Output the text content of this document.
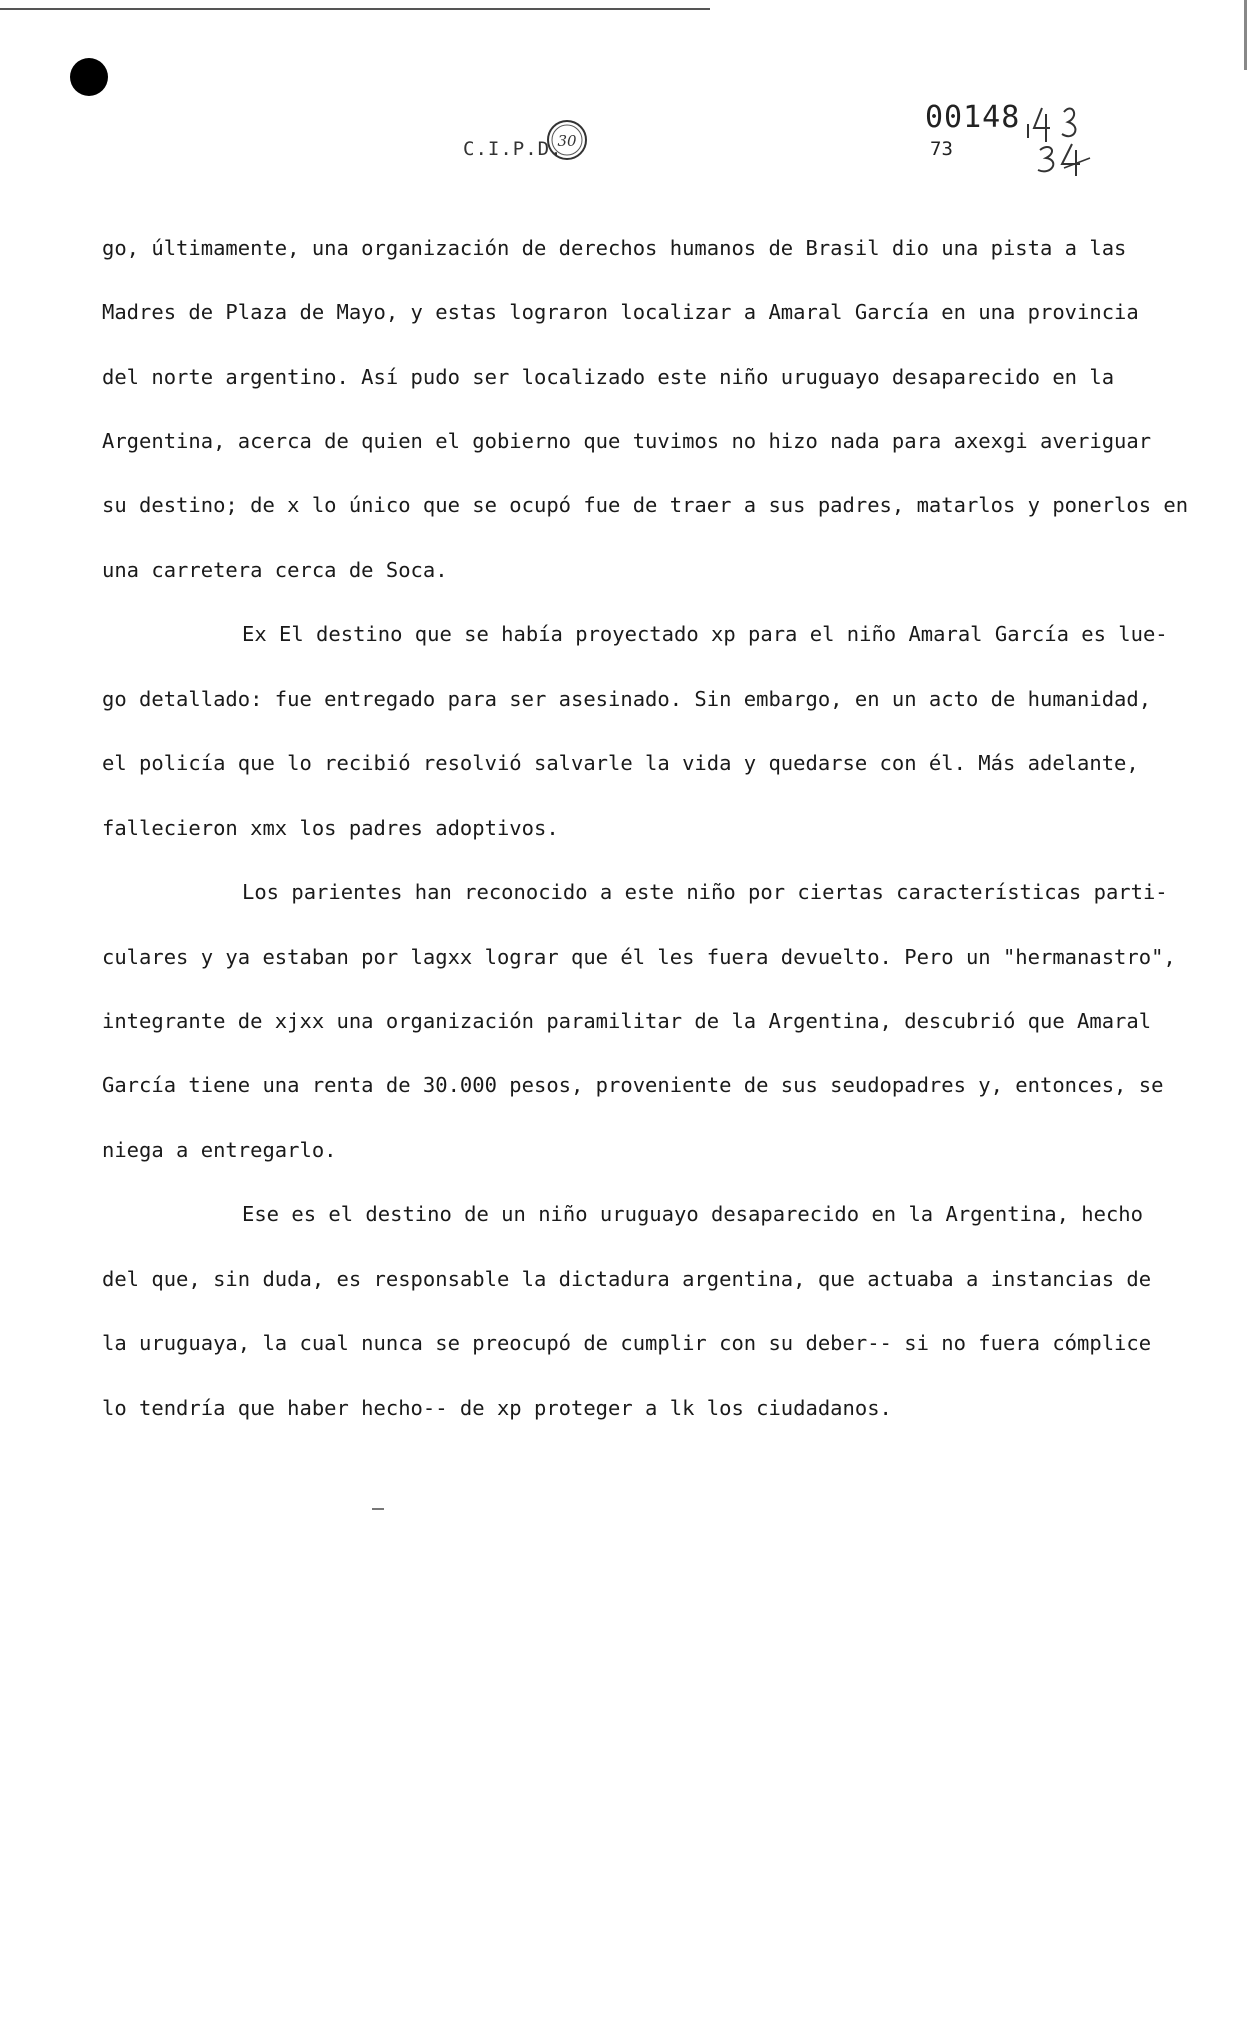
C.I.P.D.
30
00148
73
go, últimamente, una organización de derechos humanos de Brasil dio una pista a las
Madres de Plaza de Mayo, y estas lograron localizar a Amaral García en una provincia
del norte argentino. Así pudo ser localizado este niño uruguayo desaparecido en la
Argentina, acerca de quien el gobierno que tuvimos no hizo nada para axexgi averiguar
su destino; de x lo único que se ocupó fue de traer a sus padres, matarlos y ponerlos en
una carretera cerca de Soca.
Ex El destino que se había proyectado xp para el niño Amaral García es lue-
go detallado: fue entregado para ser asesinado. Sin embargo, en un acto de humanidad,
el policía que lo recibió resolvió salvarle la vida y quedarse con él. Más adelante,
fallecieron xmx los padres adoptivos.
Los parientes han reconocido a este niño por ciertas características parti-
culares y ya estaban por lagxx lograr que él les fuera devuelto. Pero un "hermanastro",
integrante de xjxx una organización paramilitar de la Argentina, descubrió que Amaral
García tiene una renta de 30.000 pesos, proveniente de sus seudopadres y, entonces, se
niega a entregarlo.
Ese es el destino de un niño uruguayo desaparecido en la Argentina, hecho
del que, sin duda, es responsable la dictadura argentina, que actuaba a instancias de
la uruguaya, la cual nunca se preocupó de cumplir con su deber-- si no fuera cómplice
lo tendría que haber hecho-- de xp proteger a lk los ciudadanos.
